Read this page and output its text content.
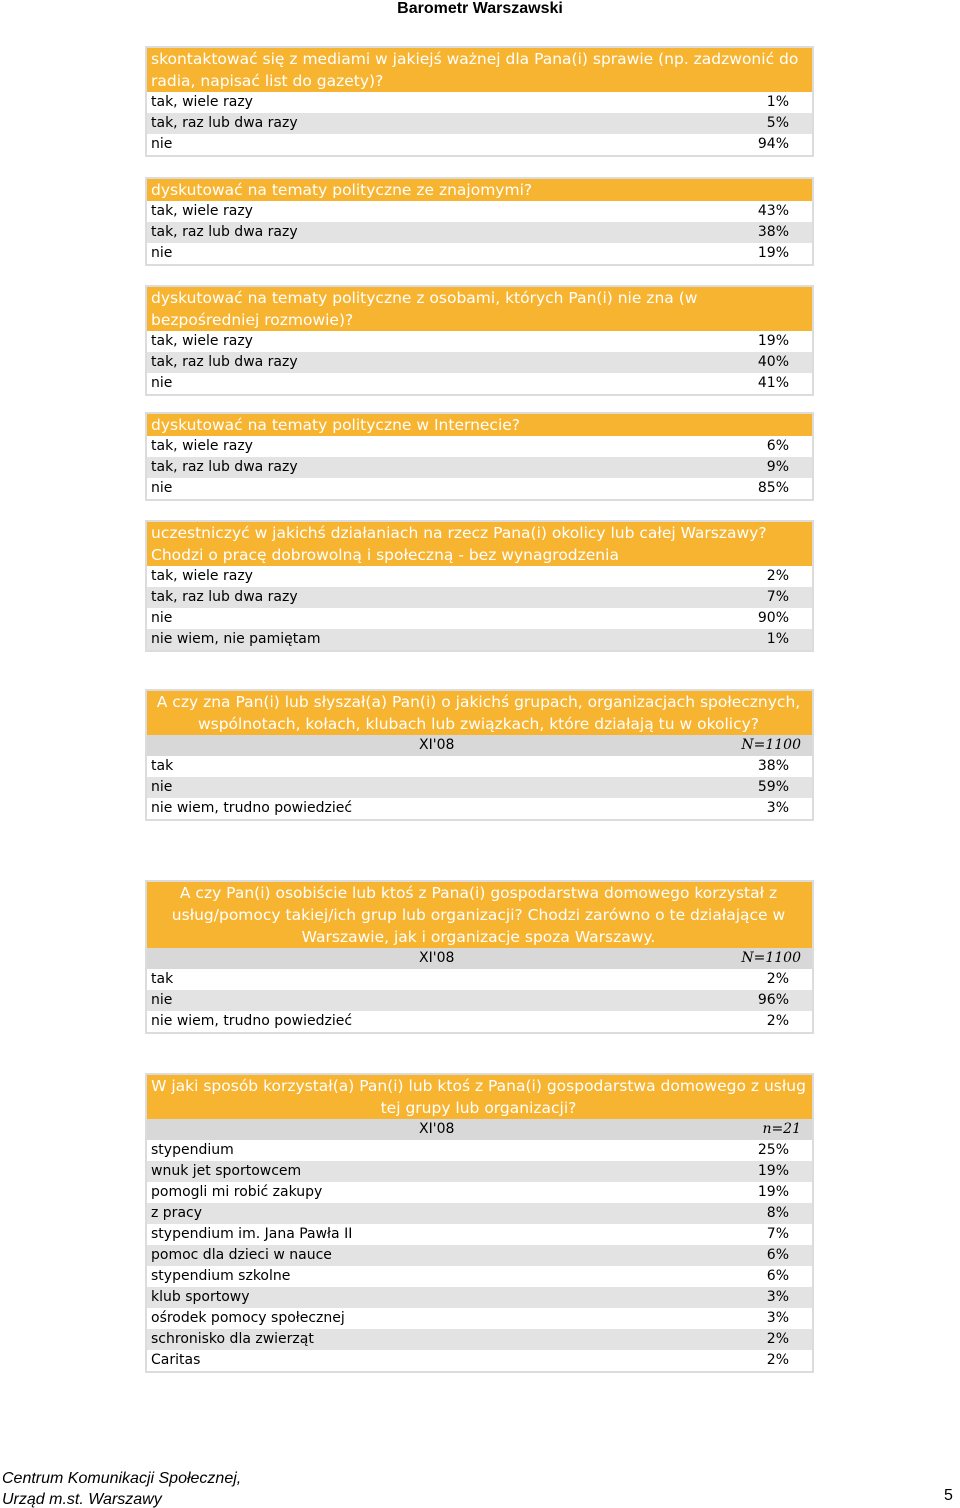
Barometr Warszawski
skontaktować się z mediami w jakiejś ważnej dla Pana(i) sprawie (np. zadzwonić do radia, napisać list do gazety)?
tak, wiele razy	1%
tak, raz lub dwa razy	5%
nie	94%
dyskutować na tematy polityczne ze znajomymi?
tak, wiele razy	43%
tak, raz lub dwa razy	38%
nie	19%
dyskutować na tematy polityczne z osobami, których Pan(i) nie zna (w bezpośredniej rozmowie)?
tak, wiele razy	19%
tak, raz lub dwa razy	40%
nie	41%
dyskutować na tematy polityczne w Internecie?
tak, wiele razy	6%
tak, raz lub dwa razy	9%
nie	85%
uczestniczyć w jakichś działaniach na rzecz Pana(i) okolicy lub całej Warszawy? Chodzi o pracę dobrowolną i społeczną - bez wynagrodzenia
tak, wiele razy	2%
tak, raz lub dwa razy	7%
nie	90%
nie wiem, nie pamiętam	1%
A czy zna Pan(i) lub słyszał(a) Pan(i) o jakichś grupach, organizacjach społecznych, wspólnotach, kołach, klubach lub związkach, które działają tu w okolicy?
XI'08	N=1100
tak	38%
nie	59%
nie wiem, trudno powiedzieć	3%
A czy Pan(i) osobiście lub ktoś z Pana(i) gospodarstwa domowego korzystał z usług/pomocy takiej/ich grup lub organizacji? Chodzi zarówno o te działające w Warszawie, jak i organizacje spoza Warszawy.
XI'08	N=1100
tak	2%
nie	96%
nie wiem, trudno powiedzieć	2%
W jaki sposób korzystał(a) Pan(i) lub ktoś z Pana(i) gospodarstwa domowego z usług tej grupy lub organizacji?
XI'08	n=21
stypendium	25%
wnuk jet sportowcem	19%
pomogli mi robić zakupy	19%
z pracy	8%
stypendium im. Jana Pawła II	7%
pomoc dla dzieci w nauce	6%
stypendium szkolne	6%
klub sportowy	3%
ośrodek pomocy społecznej	3%
schronisko dla zwierząt	2%
Caritas	2%
Centrum Komunikacji Społecznej,
Urząd m.st. Warszawy	5
